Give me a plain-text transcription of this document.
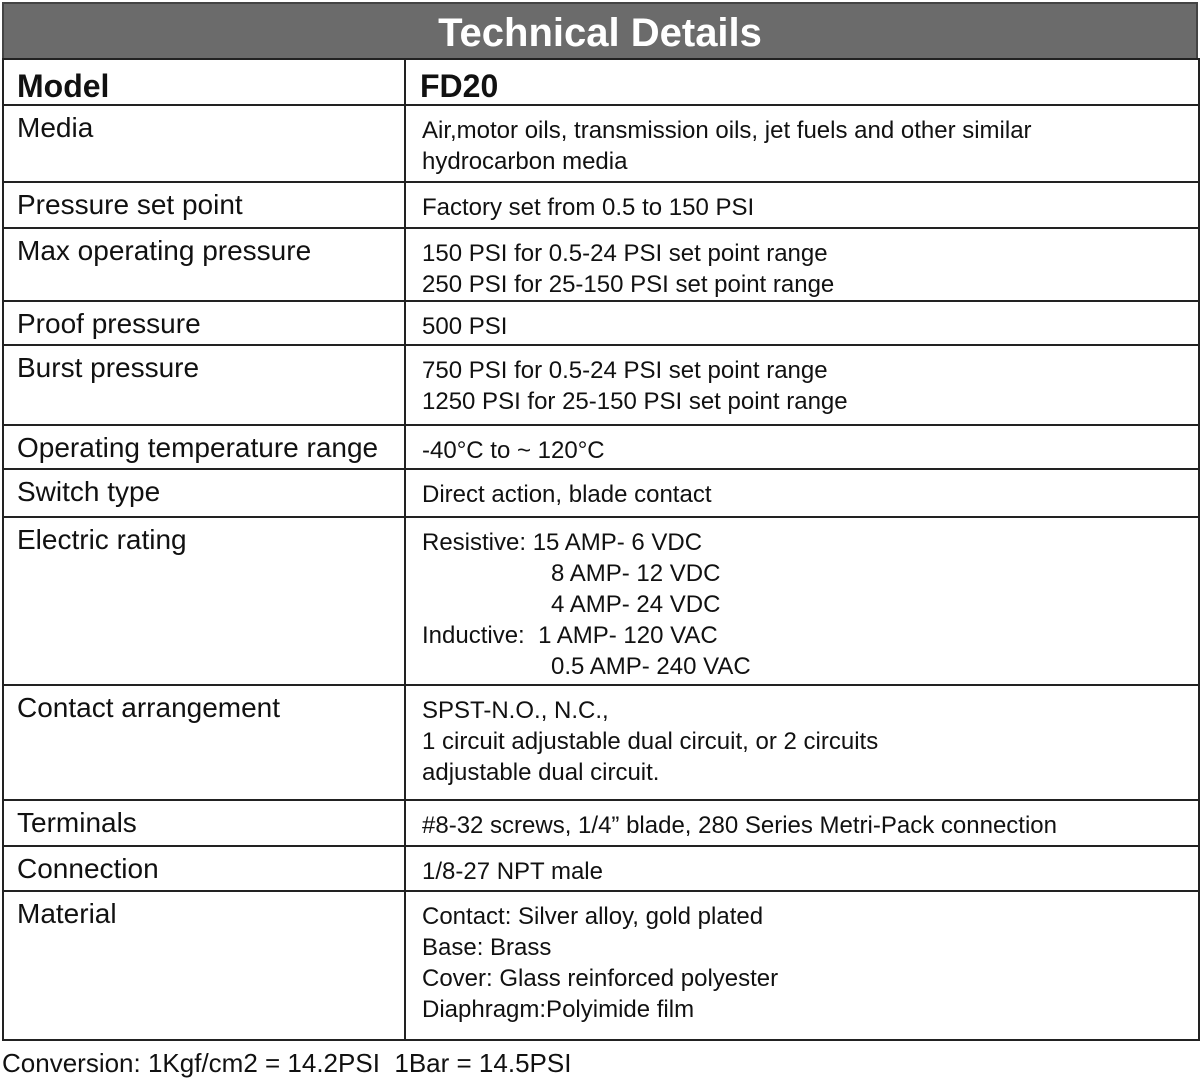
Technical Details
Model	FD20

Media	Air,motor oils, transmission oils, jet fuels and other similar
hydrocarbon media

Pressure set point	Factory set from 0.5 to 150 PSI

Max operating pressure	150 PSI for 0.5-24 PSI set point range
250 PSI for 25-150 PSI set point range

Proof pressure	500 PSI

Burst pressure	750 PSI for 0.5-24 PSI set point range
1250 PSI for 25-150 PSI set point range

Operating temperature range	-40°C to ~ 120°C

Switch type	Direct action, blade contact

Electric rating	Resistive: 15 AMP- 6 VDC
8 AMP- 12 VDC
4 AMP- 24 VDC
Inductive:  1 AMP- 120 VAC
0.5 AMP- 240 VAC

Contact arrangement	SPST-N.O., N.C.,
1 circuit adjustable dual circuit, or 2 circuits
adjustable dual circuit.

Terminals	#8-32 screws, 1/4” blade, 280 Series Metri-Pack connection

Connection	1/8-27 NPT male

Material	Contact: Silver alloy, gold plated
Base: Brass
Cover: Glass reinforced polyester
Diaphragm:Polyimide film
Conversion: 1Kgf/cm2 = 14.2PSI  1Bar = 14.5PSI
